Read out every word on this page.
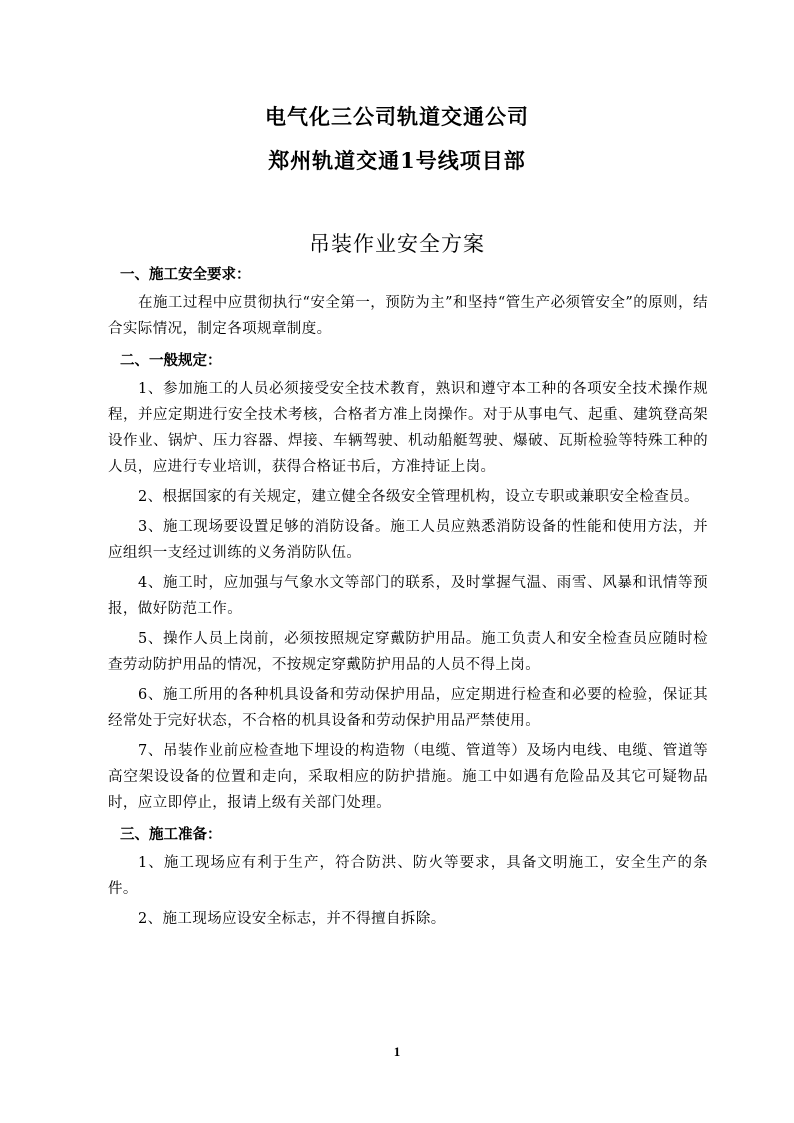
电气化三公司轨道交通公司
郑州轨道交通1号线项目部
吊装作业安全方案
一、施工安全要求：
在施工过程中应贯彻执行“安全第一，预防为主”和坚持“管生产必须管安全”的原则，结合实际情况，制定各项规章制度。
二、一般规定：
1、参加施工的人员必须接受安全技术教育，熟识和遵守本工种的各项安全技术操作规程，并应定期进行安全技术考核，合格者方准上岗操作。对于从事电气、起重、建筑登高架设作业、锅炉、压力容器、焊接、车辆驾驶、机动船艇驾驶、爆破、瓦斯检验等特殊工种的人员，应进行专业培训，获得合格证书后，方准持证上岗。
2、根据国家的有关规定，建立健全各级安全管理机构，设立专职或兼职安全检查员。
3、施工现场要设置足够的消防设备。施工人员应熟悉消防设备的性能和使用方法，并应组织一支经过训练的义务消防队伍。
4、施工时，应加强与气象水文等部门的联系，及时掌握气温、雨雪、风暴和讯情等预报，做好防范工作。
5、操作人员上岗前，必须按照规定穿戴防护用品。施工负责人和安全检查员应随时检查劳动防护用品的情况，不按规定穿戴防护用品的人员不得上岗。
6、施工所用的各种机具设备和劳动保护用品，应定期进行检查和必要的检验，保证其经常处于完好状态，不合格的机具设备和劳动保护用品严禁使用。
7、吊装作业前应检查地下埋设的构造物（电缆、管道等）及场内电线、电缆、管道等高空架设设备的位置和走向，采取相应的防护措施。施工中如遇有危险品及其它可疑物品时，应立即停止，报请上级有关部门处理。
三、施工准备：
1、施工现场应有利于生产，符合防洪、防火等要求，具备文明施工，安全生产的条件。
2、施工现场应设安全标志，并不得擅自拆除。
1
